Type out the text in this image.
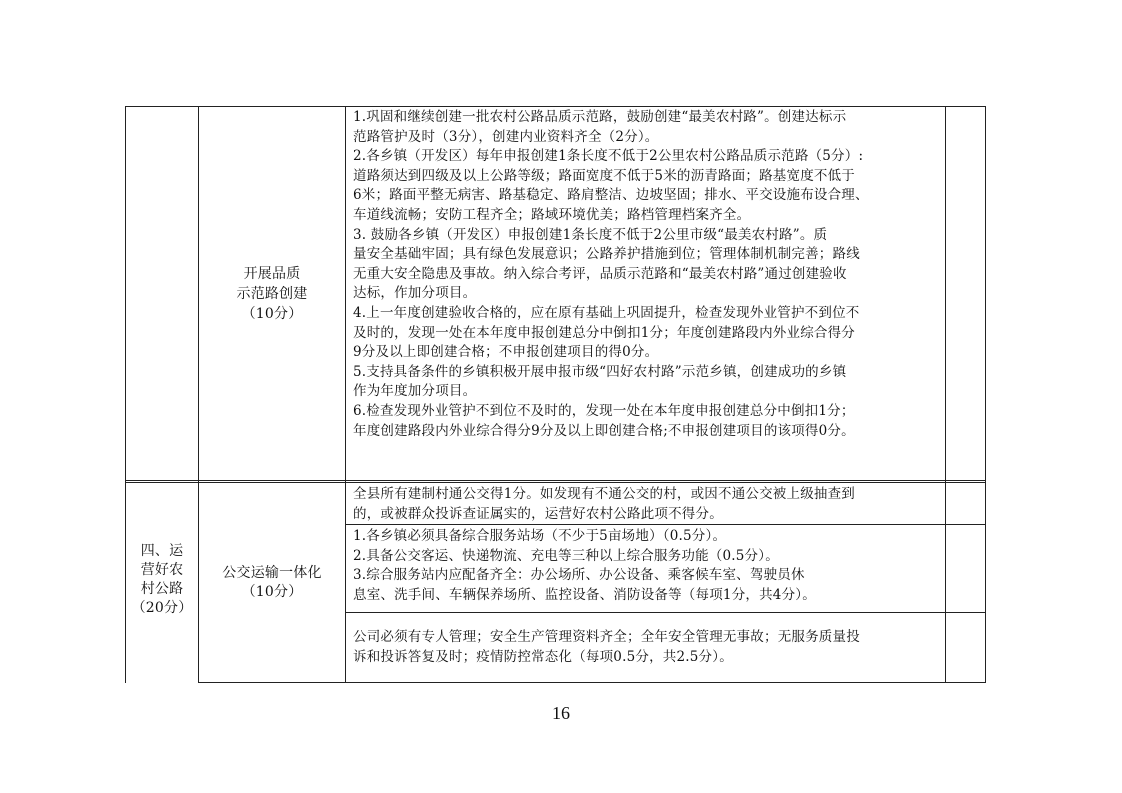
开展品质
示范路创建
（10分）
1.巩固和继续创建一批农村公路品质示范路，鼓励创建“最美农村路”。创建达标示
范路管护及时（3分），创建内业资料齐全（2分）。
2.各乡镇（开发区）每年申报创建1条长度不低于2公里农村公路品质示范路（5分）:
道路须达到四级及以上公路等级；路面宽度不低于5米的沥青路面；路基宽度不低于
6米；路面平整无病害、路基稳定、路肩整洁、边坡坚固；排水、平交设施布设合理、
车道线流畅；安防工程齐全；路域环境优美；路档管理档案齐全。
3. 鼓励各乡镇（开发区）申报创建1条长度不低于2公里市级“最美农村路”。质
量安全基础牢固；具有绿色发展意识；公路养护措施到位；管理体制机制完善；路线
无重大安全隐患及事故。纳入综合考评，品质示范路和“最美农村路”通过创建验收
达标，作加分项目。
4.上一年度创建验收合格的，应在原有基础上巩固提升，检查发现外业管护不到位不
及时的，发现一处在本年度申报创建总分中倒扣1分；年度创建路段内外业综合得分
9分及以上即创建合格；不申报创建项目的得0分。
5.支持具备条件的乡镇积极开展申报市级“四好农村路”示范乡镇，创建成功的乡镇
作为年度加分项目。
6.检查发现外业管护不到位不及时的，发现一处在本年度申报创建总分中倒扣1分；
年度创建路段内外业综合得分9分及以上即创建合格;不申报创建项目的该项得0分。
四、运
营好农
村公路
（20分）
公交运输一体化
（10分）
全县所有建制村通公交得1分。如发现有不通公交的村，或因不通公交被上级抽查到
的，或被群众投诉查证属实的，运营好农村公路此项不得分。
1.各乡镇必须具备综合服务站场（不少于5亩场地）（0.5分）。
2.具备公交客运、快递物流、充电等三种以上综合服务功能（0.5分）。
3.综合服务站内应配备齐全：办公场所、办公设备、乘客候车室、驾驶员休
息室、洗手间、车辆保养场所、监控设备、消防设备等（每项1分，共4分）。
公司必须有专人管理；安全生产管理资料齐全；全年安全管理无事故；无服务质量投
诉和投诉答复及时；疫情防控常态化（每项0.5分，共2.5分）。
16
